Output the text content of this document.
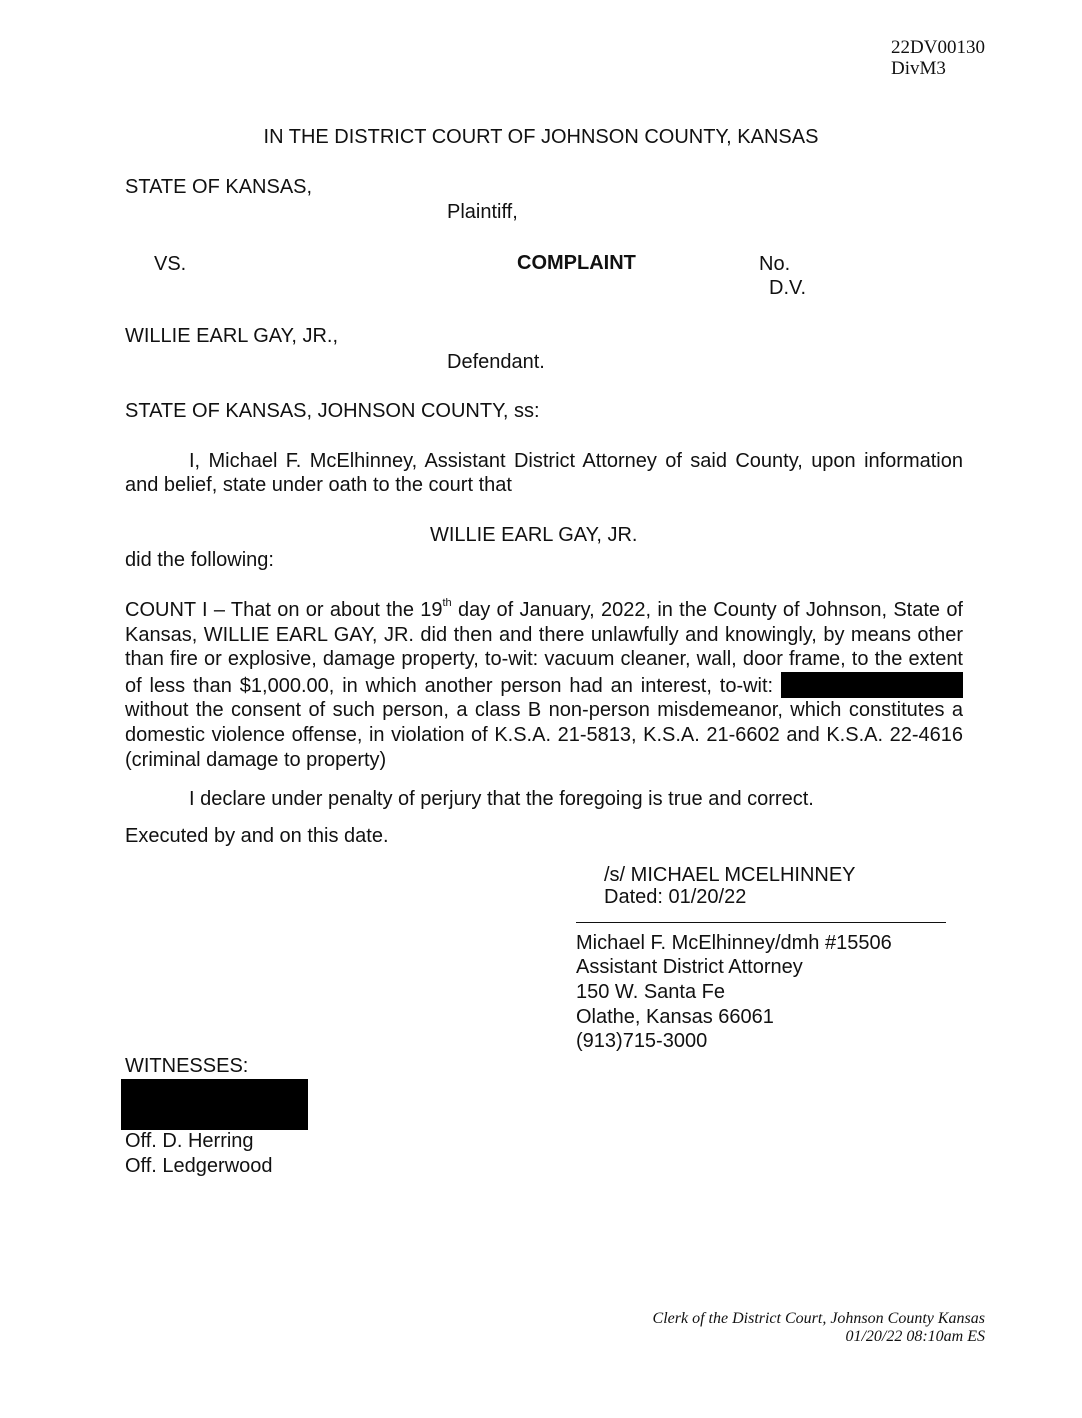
22DV00130
DivM3
IN THE DISTRICT COURT OF JOHNSON COUNTY, KANSAS
STATE OF KANSAS,
Plaintiff,
VS.	COMPLAINT	No.
D.V.
WILLIE EARL GAY, JR.,
Defendant.
STATE OF KANSAS, JOHNSON COUNTY, ss:
I, Michael F. McElhinney, Assistant District Attorney of said County, upon information and belief, state under oath to the court that
WILLIE EARL GAY, JR.
did the following:
COUNT I – That on or about the 19th day of January, 2022, in the County of Johnson, State of Kansas, WILLIE EARL GAY, JR. did then and there unlawfully and knowingly, by means other than fire or explosive, damage property, to-wit: vacuum cleaner, wall, door frame, to the extent of less than $1,000.00, in which another person had an interest, to-wit:  without the consent of such person, a class B non-person misdemeanor, which constitutes a domestic violence offense, in violation of K.S.A. 21-5813, K.S.A. 21-6602 and K.S.A. 22-4616 (criminal damage to property)
I declare under penalty of perjury that the foregoing is true and correct.
Executed by and on this date.
/s/ MICHAEL MCELHINNEY
Dated: 01/20/22
Michael F. McElhinney/dmh #15506
Assistant District Attorney
150 W. Santa Fe
Olathe, Kansas 66061
(913)715-3000
WITNESSES:
Off. D. Herring
Off. Ledgerwood
Clerk of the District Court, Johnson County Kansas
01/20/22 08:10am ES
